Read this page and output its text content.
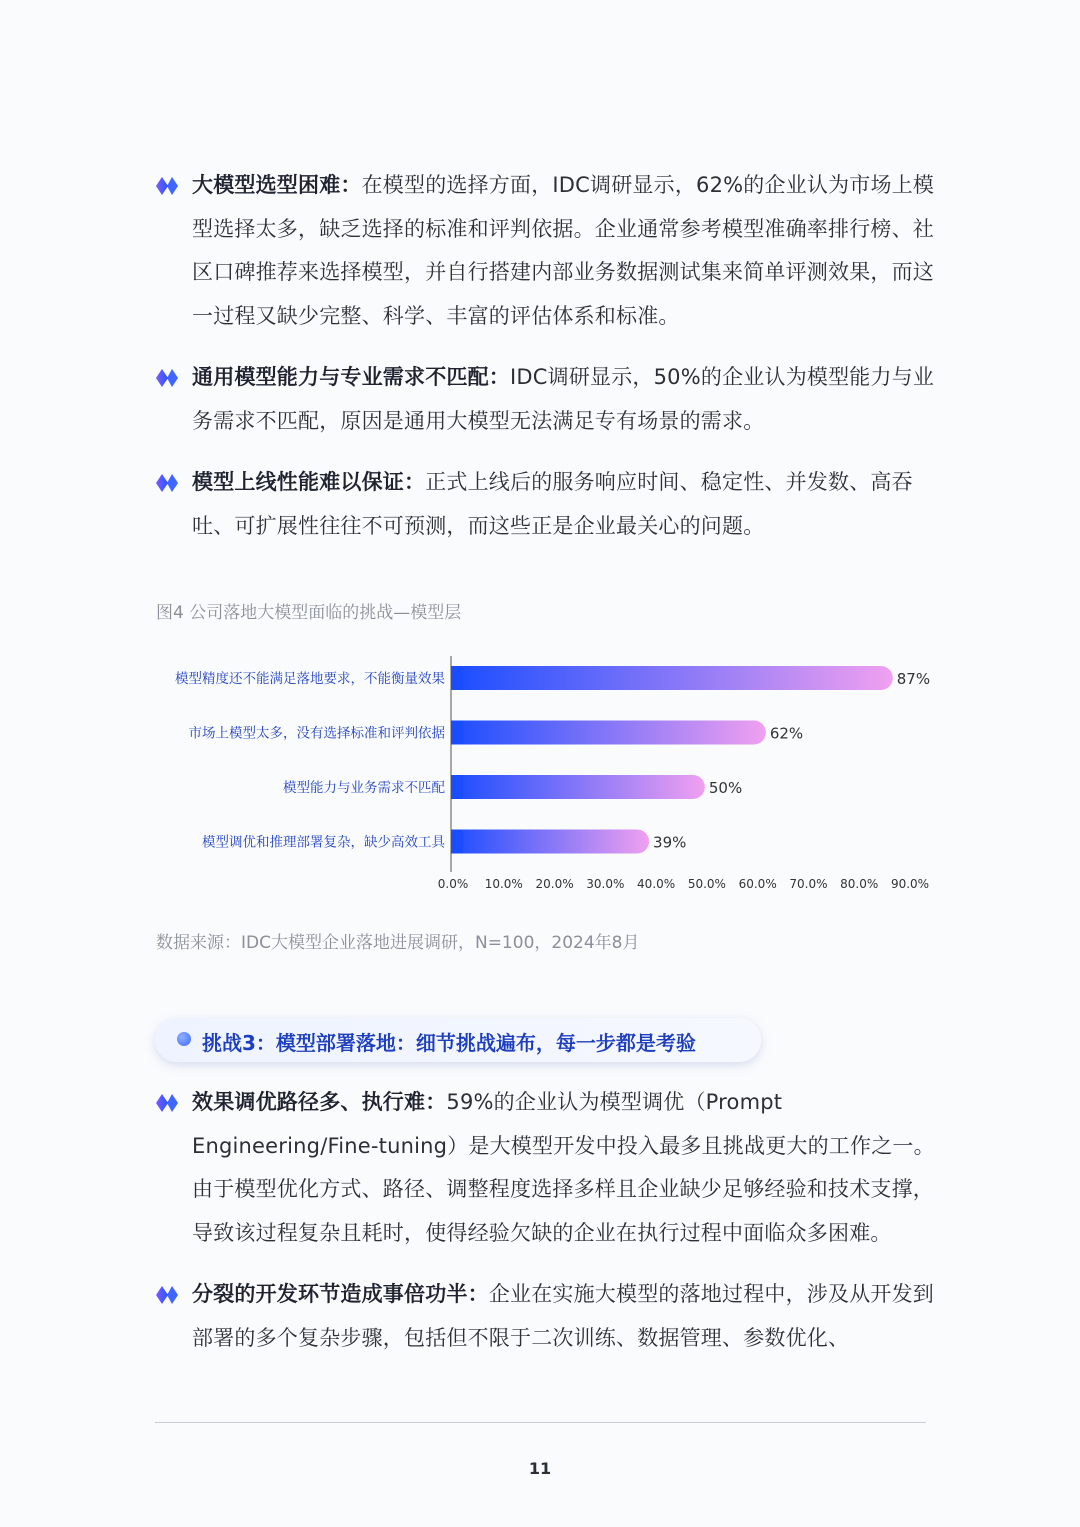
大模型选型困难：在模型的选择方面，IDC调研显示，62%的企业认为市场上模型选择太多，缺乏选择的标准和评判依据。企业通常参考模型准确率排行榜、社区口碑推荐来选择模型，并自行搭建内部业务数据测试集来简单评测效果，而这一过程又缺少完整、科学、丰富的评估体系和标准。
通用模型能力与专业需求不匹配：IDC调研显示，50%的企业认为模型能力与业务需求不匹配，原因是通用大模型无法满足专有场景的需求。
模型上线性能难以保证：正式上线后的服务响应时间、稳定性、并发数、高吞吐、可扩展性往往不可预测，而这些正是企业最关心的问题。
图4 公司落地大模型面临的挑战—模型层
模型精度还不能满足落地要求，不能衡量效果	87%
市场上模型太多，没有选择标准和评判依据	62%
模型能力与业务需求不匹配	50%
模型调优和推理部署复杂，缺少高效工具	39%
0.0% 10.0% 20.0% 30.0% 40.0% 50.0% 60.0% 70.0% 80.0% 90.0%
数据来源：IDC大模型企业落地进展调研，N=100，2024年8月
挑战3：模型部署落地：细节挑战遍布，每一步都是考验
效果调优路径多、执行难：59%的企业认为模型调优（Prompt Engineering/Fine-tuning）是大模型开发中投入最多且挑战更大的工作之一。由于模型优化方式、路径、调整程度选择多样且企业缺少足够经验和技术支撑，导致该过程复杂且耗时，使得经验欠缺的企业在执行过程中面临众多困难。
分裂的开发环节造成事倍功半：企业在实施大模型的落地过程中，涉及从开发到部署的多个复杂步骤，包括但不限于二次训练、数据管理、参数优化、
11
